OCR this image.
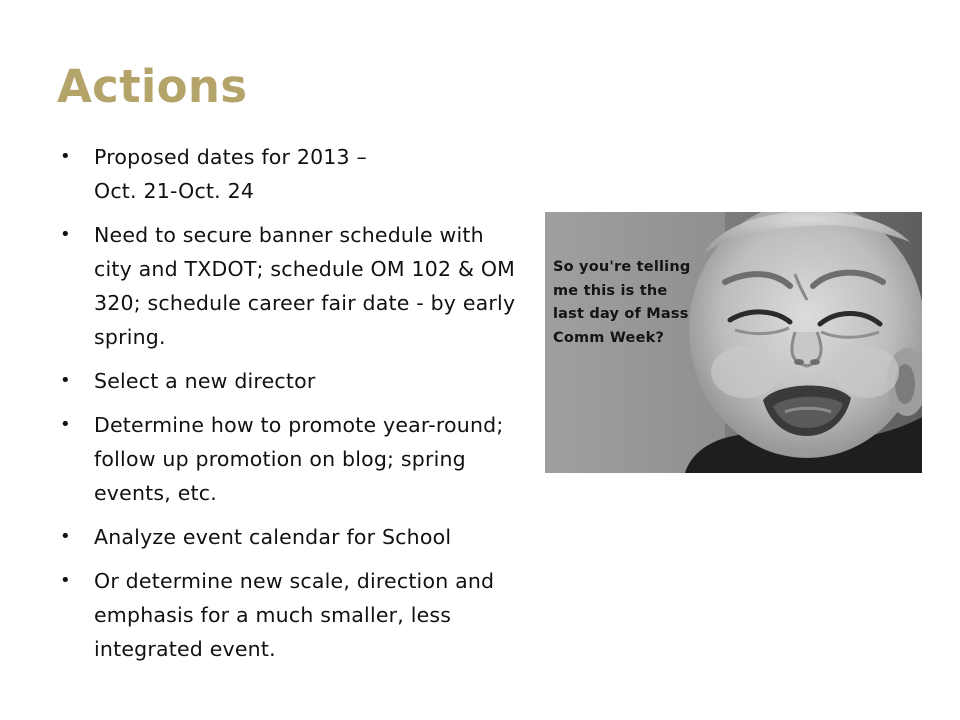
Actions
• Proposed dates for 2013 –
Oct. 21-Oct. 24
• Need to secure banner schedule with city and TXDOT; schedule OM 102 & OM 320; schedule career fair date - by early spring.
• Select a new director
• Determine how to promote year-round; follow up promotion on blog; spring events, etc.
• Analyze event calendar for School
• Or determine new scale, direction and emphasis for a much smaller, less integrated event.
So you're telling
me this is the
last day of Mass
Comm Week?
